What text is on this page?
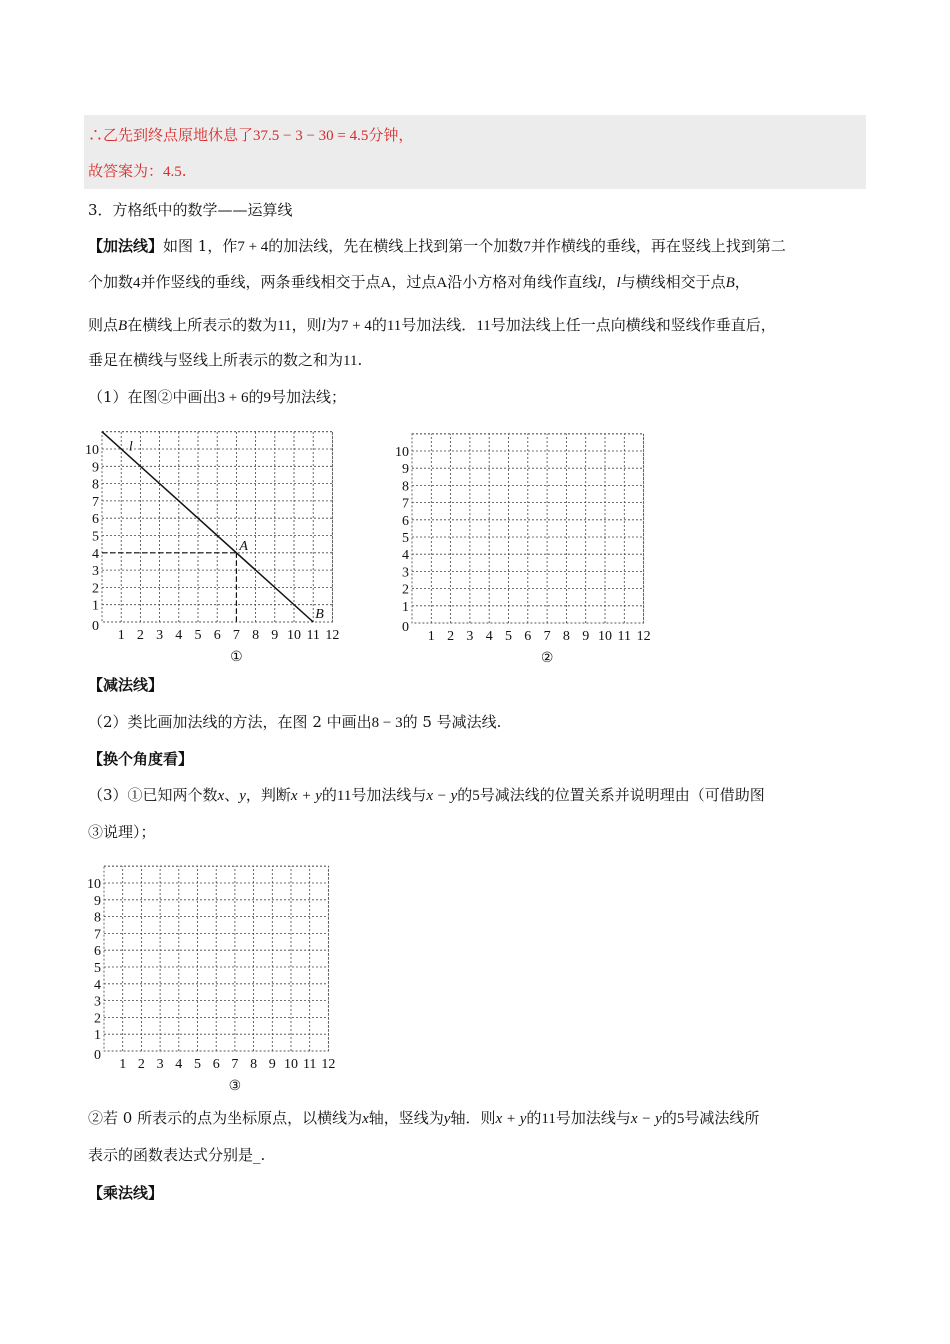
∴乙先到终点原地休息了37.5 − 3 − 30 = 4.5分钟，
故答案为：4.5.
3．方格纸中的数学——运算线
【加法线】如图 1，作7 + 4的加法线，先在横线上找到第一个加数7并作横线的垂线，再在竖线上找到第二
个加数4并作竖线的垂线，两条垂线相交于点A，过点A沿小方格对角线作直线l，l与横线相交于点B，
则点B在横线上所表示的数为11，则l为7 + 4的11号加法线．11号加法线上任一点向横线和竖线作垂直后，
垂足在横线与竖线上所表示的数之和为11.
（1）在图②中画出3 + 6的9号加法线；
1 2 3 4 5 6 7 8 9 10 11 12
1
2
3
4
5
6
7
8
9
10
0
①
l
A
B
1 2 3 4 5 6 7 8 9 10 11 12
1
2
3
4
5
6
7
8
9
10
0
②
【减法线】
（2）类比画加法线的方法，在图 2 中画出8 − 3的 5 号减法线.
【换个角度看】
（3）①已知两个数x、y，判断x + y的11号加法线与x − y的5号减法线的位置关系并说明理由（可借助图
③说理）；
1 2 3 4 5 6 7 8 9 10 11 12
1
2
3
4
5
6
7
8
9
10
0
③
②若 0 所表示的点为坐标原点，以横线为x轴，竖线为y轴．则x + y的11号加法线与x − y的5号减法线所
表示的函数表达式分别是_.
【乘法线】
